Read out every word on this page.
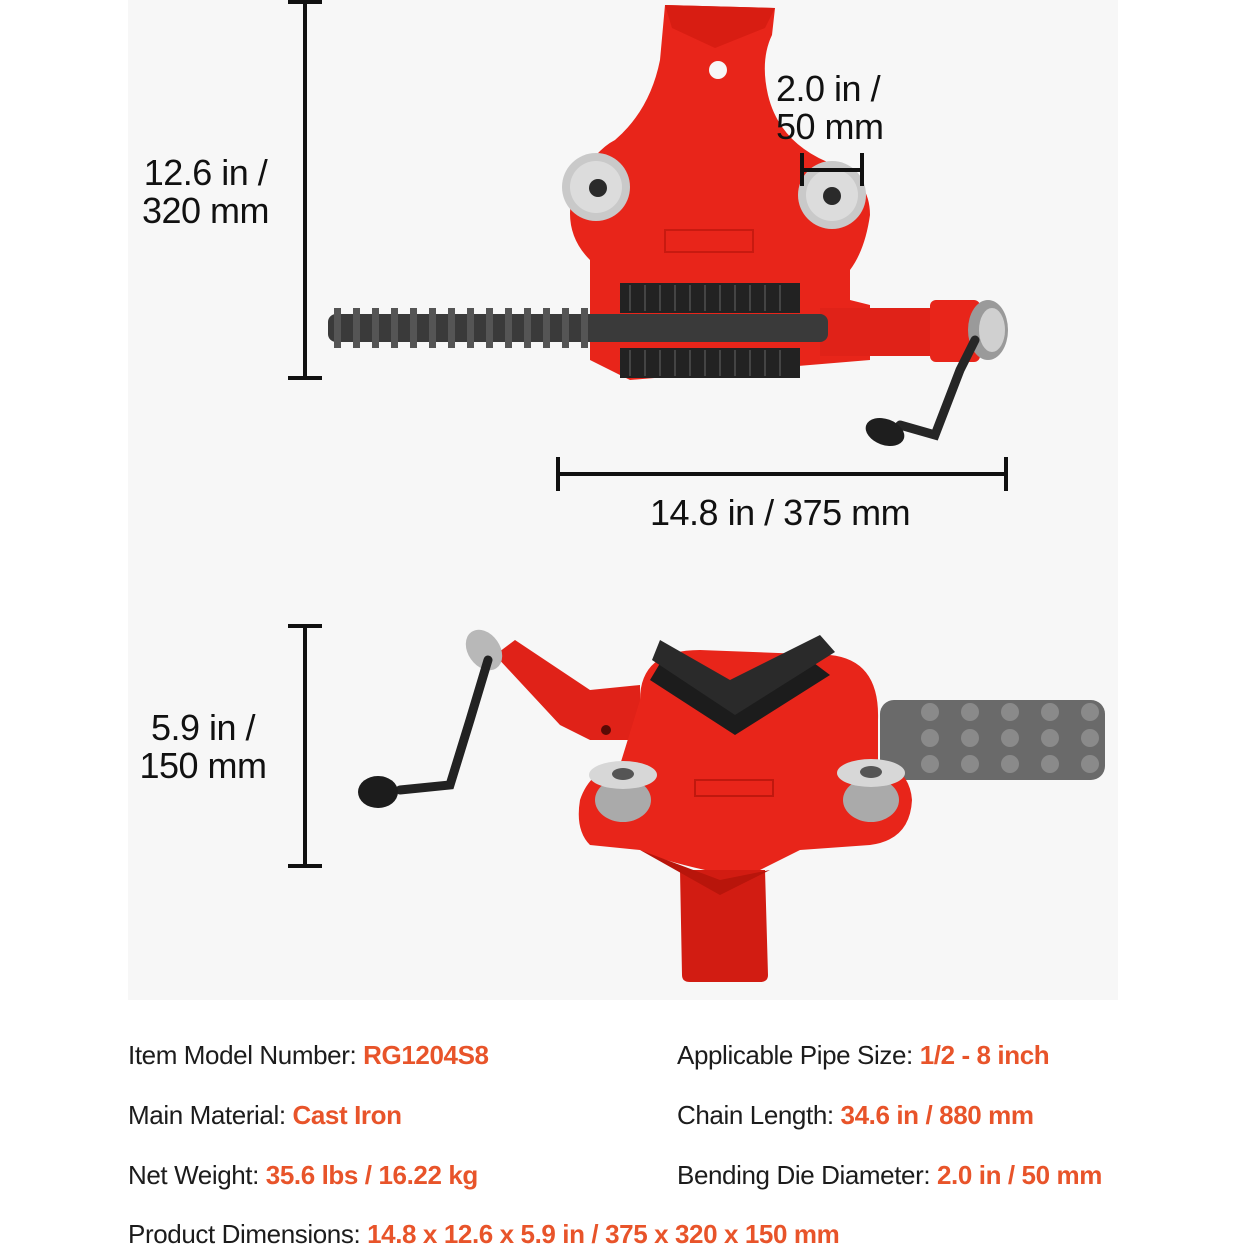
12.6 in /
320 mm
2.0 in /
50 mm
14.8 in / 375 mm
5.9 in /
150 mm
Item Model Number: RG1204S8
Main Material: Cast Iron
Net Weight: 35.6 lbs / 16.22 kg
Product Dimensions: 14.8 x 12.6 x 5.9 in / 375 x 320 x 150 mm
Applicable Pipe Size: 1/2 - 8 inch
Chain Length: 34.6 in / 880 mm
Bending Die Diameter: 2.0 in / 50 mm
